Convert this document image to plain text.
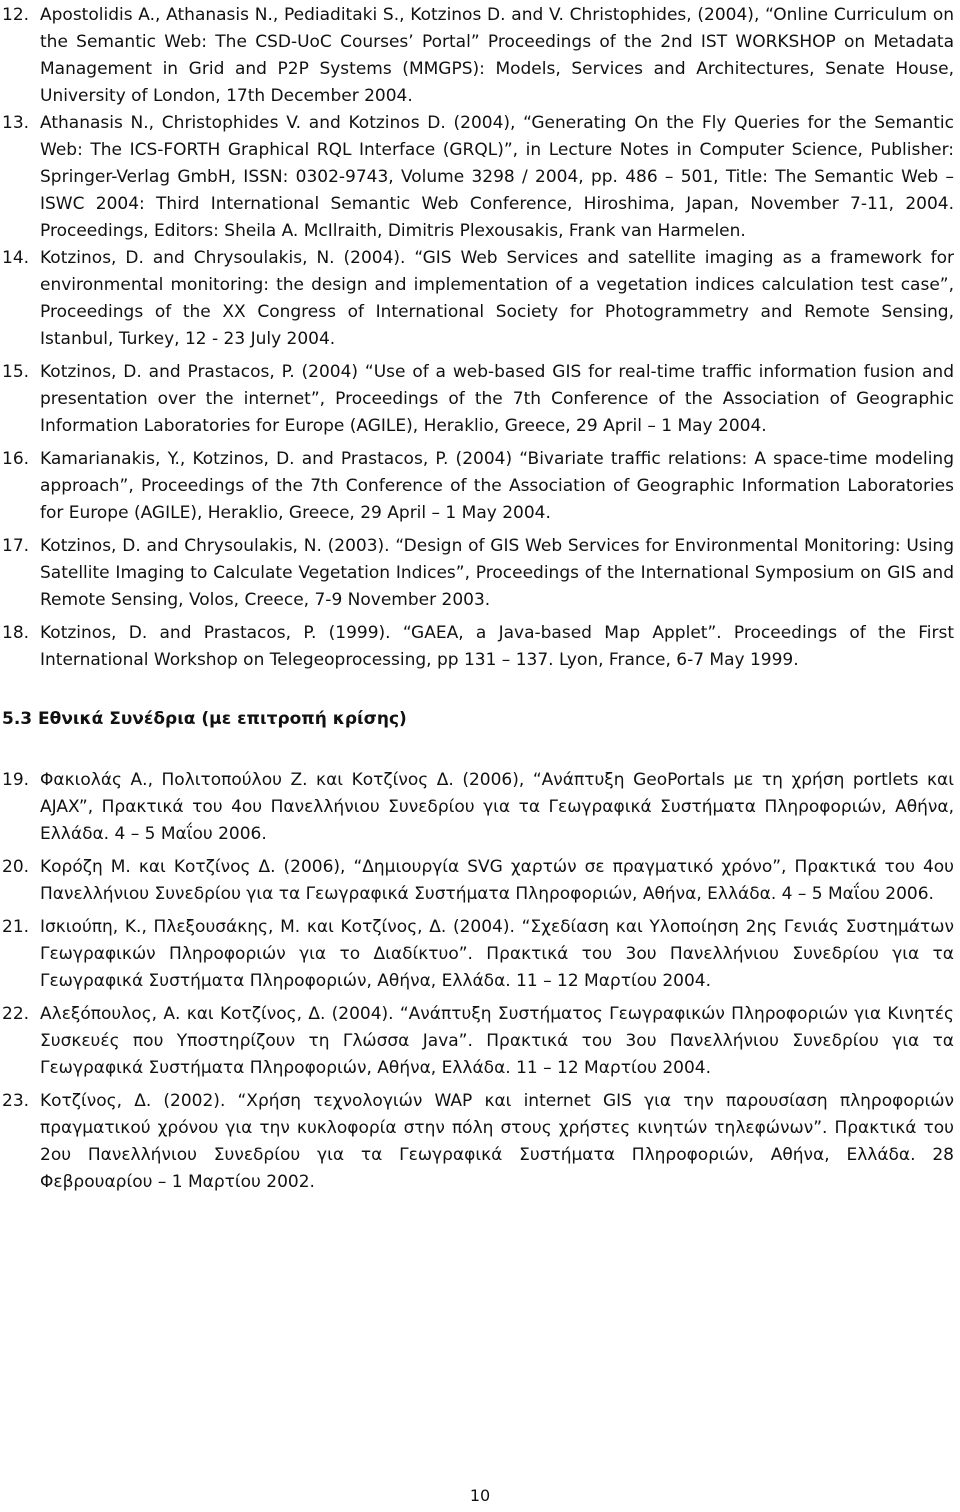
12. Apostolidis A., Athanasis N., Pediaditaki S., Kotzinos D. and V. Christophides, (2004), “Online Curriculum on the Semantic Web: The CSD-UoC Courses’ Portal” Proceedings of the 2nd IST WORKSHOP on Metadata Management in Grid and P2P Systems (MMGPS): Models, Services and Architectures, Senate House, University of London, 17th December 2004.
13. Athanasis N., Christophides V. and Kotzinos D. (2004), “Generating On the Fly Queries for the Semantic Web: The ICS-FORTH Graphical RQL Interface (GRQL)”, in Lecture Notes in Computer Science, Publisher: Springer-Verlag GmbH, ISSN: 0302-9743, Volume 3298 / 2004, pp. 486 – 501, Title: The Semantic Web – ISWC 2004: Third International Semantic Web Conference, Hiroshima, Japan, November 7-11, 2004. Proceedings, Editors: Sheila A. McIlraith, Dimitris Plexousakis, Frank van Harmelen.
14. Kotzinos, D. and Chrysoulakis, N. (2004). “GIS Web Services and satellite imaging as a framework for environmental monitoring: the design and implementation of a vegetation indices calculation test case”, Proceedings of the XX Congress of International Society for Photogrammetry and Remote Sensing, Istanbul, Turkey, 12 - 23 July 2004.
15. Kotzinos, D. and Prastacos, P. (2004) “Use of a web-based GIS for real-time traffic information fusion and presentation over the internet”, Proceedings of the 7th Conference of the Association of Geographic Information Laboratories for Europe (AGILE), Heraklio, Greece, 29 April – 1 May 2004.
16. Kamarianakis, Y., Kotzinos, D. and Prastacos, P. (2004) “Bivariate traffic relations: A space-time modeling approach”, Proceedings of the 7th Conference of the Association of Geographic Information Laboratories for Europe (AGILE), Heraklio, Greece, 29 April – 1 May 2004.
17. Kotzinos, D. and Chrysoulakis, N. (2003). “Design of GIS Web Services for Environmental Monitoring: Using Satellite Imaging to Calculate Vegetation Indices”, Proceedings of the International Symposium on GIS and Remote Sensing, Volos, Creece, 7-9 November 2003.
18. Kotzinos, D. and Prastacos, P. (1999). “GAEA, a Java-based Map Applet”. Proceedings of the First International Workshop on Telegeoprocessing, pp 131 – 137. Lyon, France, 6-7 May 1999.
5.3 Εθνικά Συνέδρια (με επιτροπή κρίσης)
19. Φακιολάς Α., Πολιτοπούλου Ζ. και Κοτζίνος Δ. (2006), “Ανάπτυξη GeoPortals με τη χρήση portlets και AJAX”, Πρακτικά του 4ου Πανελλήνιου Συνεδρίου για τα Γεωγραφικά Συστήματα Πληροφοριών, Αθήνα, Ελλάδα. 4 – 5 Μαΐου 2006.
20. Κορόζη Μ. και Κοτζίνος Δ. (2006), “Δημιουργία SVG χαρτών σε πραγματικό χρόνο”, Πρακτικά του 4ου Πανελλήνιου Συνεδρίου για τα Γεωγραφικά Συστήματα Πληροφοριών, Αθήνα, Ελλάδα. 4 – 5 Μαΐου 2006.
21. Ισκιούπη, Κ., Πλεξουσάκης, Μ. και Κοτζίνος, Δ. (2004). “Σχεδίαση και Υλοποίηση 2ης Γενιάς Συστημάτων Γεωγραφικών Πληροφοριών για το Διαδίκτυο”. Πρακτικά του 3ου Πανελλήνιου Συνεδρίου για τα Γεωγραφικά Συστήματα Πληροφοριών, Αθήνα, Ελλάδα. 11 – 12 Μαρτίου 2004.
22. Αλεξόπουλος, Α. και Κοτζίνος, Δ. (2004). “Ανάπτυξη Συστήματος Γεωγραφικών Πληροφοριών για Κινητές Συσκευές που Υποστηρίζουν τη Γλώσσα Java”. Πρακτικά του 3ου Πανελλήνιου Συνεδρίου για τα Γεωγραφικά Συστήματα Πληροφοριών, Αθήνα, Ελλάδα. 11 – 12 Μαρτίου 2004.
23. Κοτζίνος, Δ. (2002). “Χρήση τεχνολογιών WAP και internet GIS για την παρουσίαση πληροφοριών πραγματικού χρόνου για την κυκλοφορία στην πόλη στους χρήστες κινητών τηλεφώνων”. Πρακτικά του 2ου Πανελλήνιου Συνεδρίου για τα Γεωγραφικά Συστήματα Πληροφοριών, Αθήνα, Ελλάδα. 28 Φεβρουαρίου – 1 Μαρτίου 2002.
10
